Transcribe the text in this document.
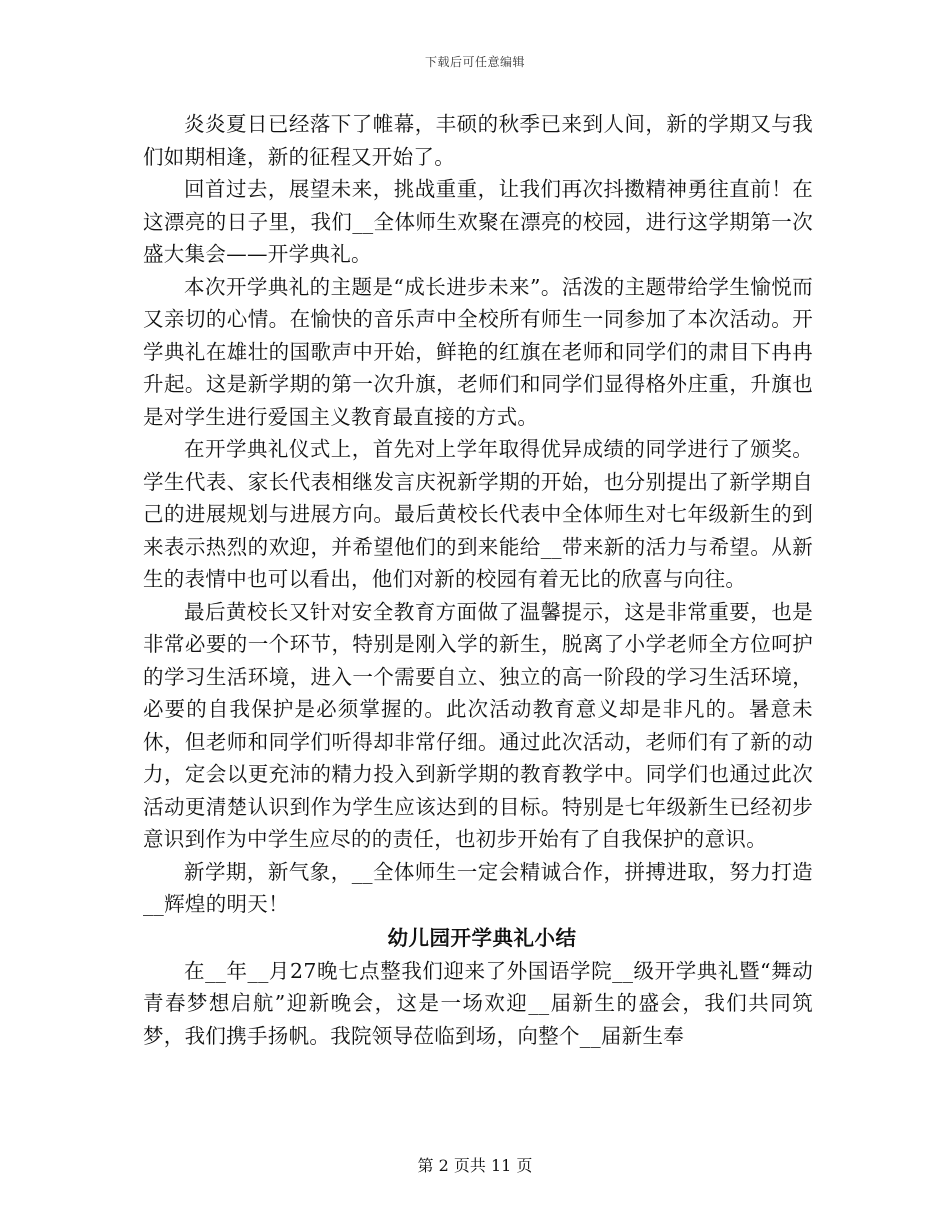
下载后可任意编辑

炎炎夏日已经落下了帷幕，丰硕的秋季已来到人间，新的学期又与我们如期相逢，新的征程又开始了。

回首过去，展望未来，挑战重重，让我们再次抖擞精神勇往直前！在这漂亮的日子里，我们__全体师生欢聚在漂亮的校园，进行这学期第一次盛大集会——开学典礼。

本次开学典礼的主题是“成长进步未来”。活泼的主题带给学生愉悦而又亲切的心情。在愉快的音乐声中全校所有师生一同参加了本次活动。开学典礼在雄壮的国歌声中开始，鲜艳的红旗在老师和同学们的肃目下冉冉升起。这是新学期的第一次升旗，老师们和同学们显得格外庄重，升旗也是对学生进行爱国主义教育最直接的方式。

在开学典礼仪式上，首先对上学年取得优异成绩的同学进行了颁奖。学生代表、家长代表相继发言庆祝新学期的开始，也分别提出了新学期自己的进展规划与进展方向。最后黄校长代表中全体师生对七年级新生的到来表示热烈的欢迎，并希望他们的到来能给__带来新的活力与希望。从新生的表情中也可以看出，他们对新的校园有着无比的欣喜与向往。

最后黄校长又针对安全教育方面做了温馨提示，这是非常重要，也是非常必要的一个环节，特别是刚入学的新生，脱离了小学老师全方位呵护的学习生活环境，进入一个需要自立、独立的高一阶段的学习生活环境，必要的自我保护是必须掌握的。此次活动教育意义却是非凡的。暑意未休，但老师和同学们听得却非常仔细。通过此次活动，老师们有了新的动力，定会以更充沛的精力投入到新学期的教育教学中。同学们也通过此次活动更清楚认识到作为学生应该达到的目标。特别是七年级新生已经初步意识到作为中学生应尽的的责任，也初步开始有了自我保护的意识。

新学期，新气象，__全体师生一定会精诚合作，拼搏进取，努力打造__辉煌的明天！

幼儿园开学典礼小结

在__年__月27晚七点整我们迎来了外国语学院__级开学典礼暨“舞动青春梦想启航”迎新晚会，这是一场欢迎__届新生的盛会，我们共同筑梦，我们携手扬帆。我院领导莅临到场，向整个__届新生奉

第 2 页共 11 页
